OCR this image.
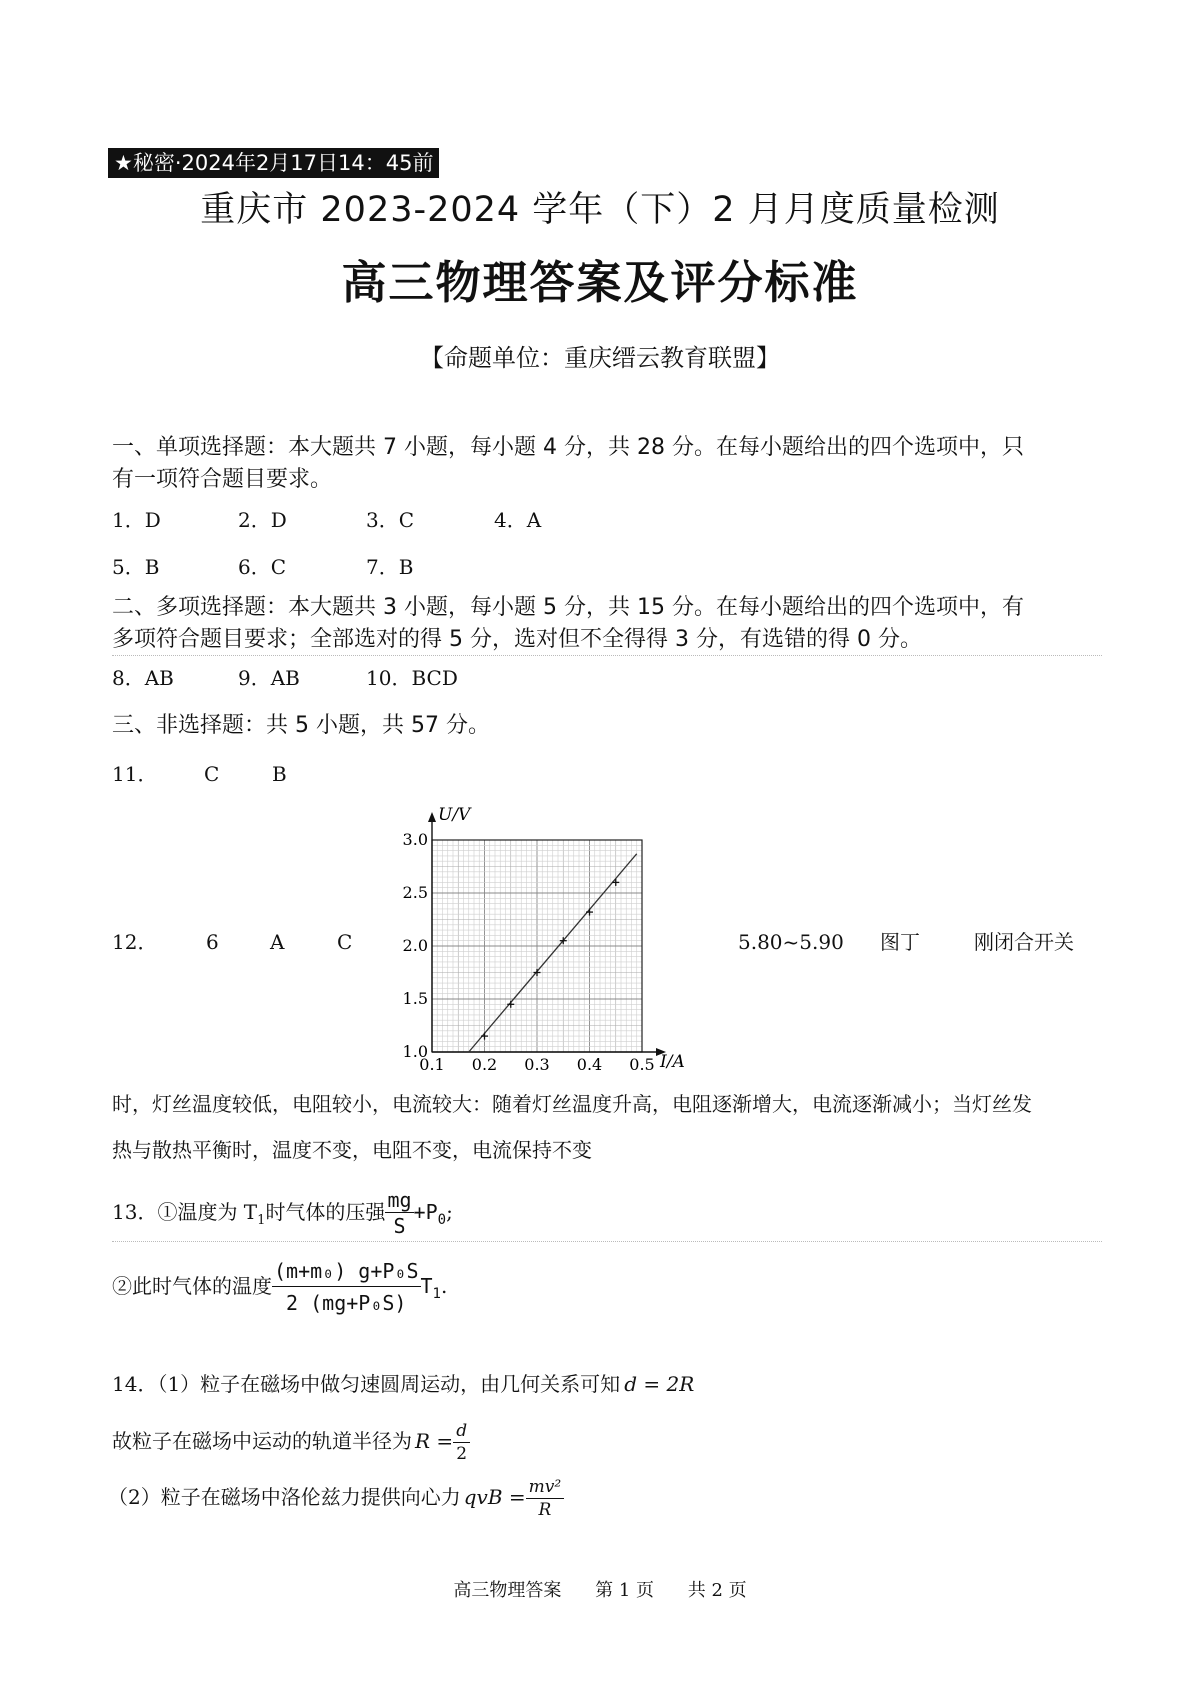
★秘密·2024年2月17日14：45前
重庆市 2023-2024 学年（下）2 月月度质量检测
高三物理答案及评分标准
【命题单位：重庆缙云教育联盟】
一、单项选择题：本大题共 7 小题，每小题 4 分，共 28 分。在每小题给出的四个选项中，只
有一项符合题目要求。
1．D	2．D	3．C	4．A
5．B	6．C	7．B
二、多项选择题：本大题共 3 小题，每小题 5 分，共 15 分。在每小题给出的四个选项中，有
多项符合题目要求；全部选对的得 5 分，选对但不全得得 3 分，有选错的得 0 分。
8．AB	9．AB	10．BCD
三、非选择题：共 5 小题，共 57 分。
11． C	B
12． 6	A	C	5.80~5.90 图丁	刚闭合开关
U/V
I/A
0.1 0.2 0.3 0.4 0.5
1.0
1.5
2.0
2.5
3.0
时，灯丝温度较低，电阻较小，电流较大：随着灯丝温度升高，电阻逐渐增大，电流逐渐减小；当灯丝发
热与散热平衡时，温度不变，电阻不变，电流保持不变
13．①温度为 $T_1$时气体的压强 $\frac{mg}{S} +P_0$;
②此时气体的温度 $\frac{\text{(m+m₀) g+P₀S}}{\text{2 (mg+P₀S)}} T_1$.
14．（1）粒子在磁场中做匀速圆周运动，由几何关系可知 d = 2R
故粒子在磁场中运动的轨道半径为 $R = \frac{d}{2}$
（2）粒子在磁场中洛伦兹力提供向心力 qvB = $\frac{\text{mv²}}{R}$
高三物理答案 第 1 页 共 2 页
